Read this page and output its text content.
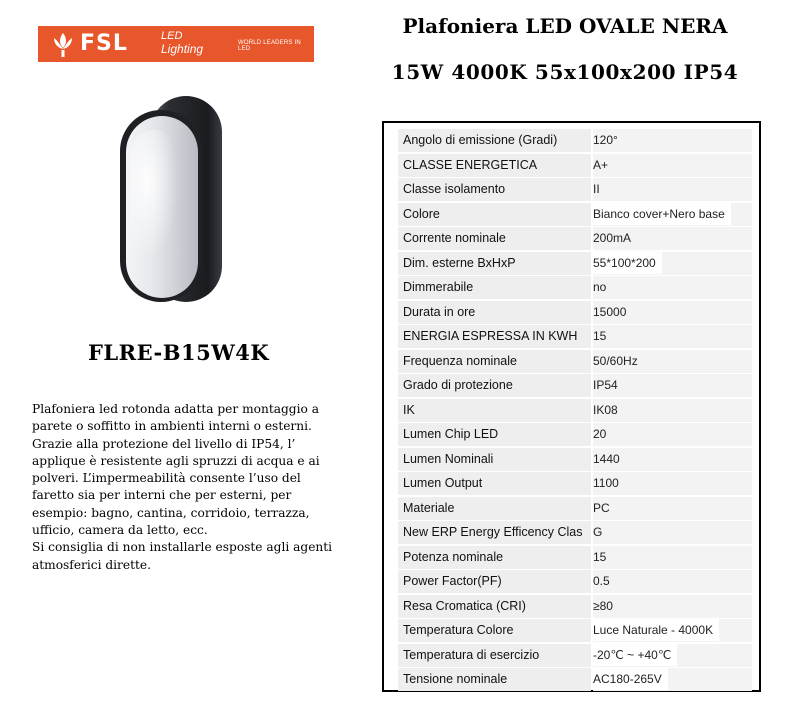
FSL	LED
Lighting	WORLD LEADERS IN LED
Plafoniera LED OVALE NERA
15W 4000K 55x100x200 IP54
FLRE-B15W4K

Plafoniera led rotonda adatta per montaggio a

parete o soffitto in ambienti interni o esterni.

Grazie alla protezione del livello di IP54, l’

applique è resistente agli spruzzi di acqua e ai

polveri. L’impermeabilità consente l’uso del

faretto sia per interni che per esterni, per

esempio: bagno, cantina, corridoio, terrazza,

ufficio, camera da letto, ecc.

Si consiglia di non installarle esposte agli agenti

atmosferici dirette.

Angolo di emissione (Gradi)	120°
CLASSE ENERGETICA	A+
Classe isolamento	II
Colore	Bianco cover+Nero base
Corrente nominale	200mA
Dim. esterne BxHxP	55*100*200
Dimmerabile	no
Durata in ore	15000
ENERGIA ESPRESSA IN KWH	15
Frequenza nominale	50/60Hz
Grado di protezione	IP54
IK	IK08
Lumen Chip LED	20
Lumen Nominali	1440
Lumen Output	1100
Materiale	PC
New ERP Energy Efficency Clas G
Potenza nominale	15
Power Factor(PF)	0.5
Resa Cromatica (CRI)	≥80
Temperatura Colore	Luce Naturale - 4000K
Temperatura di esercizio	-20℃ ~ +40℃
Tensione nominale	AC180-265V
